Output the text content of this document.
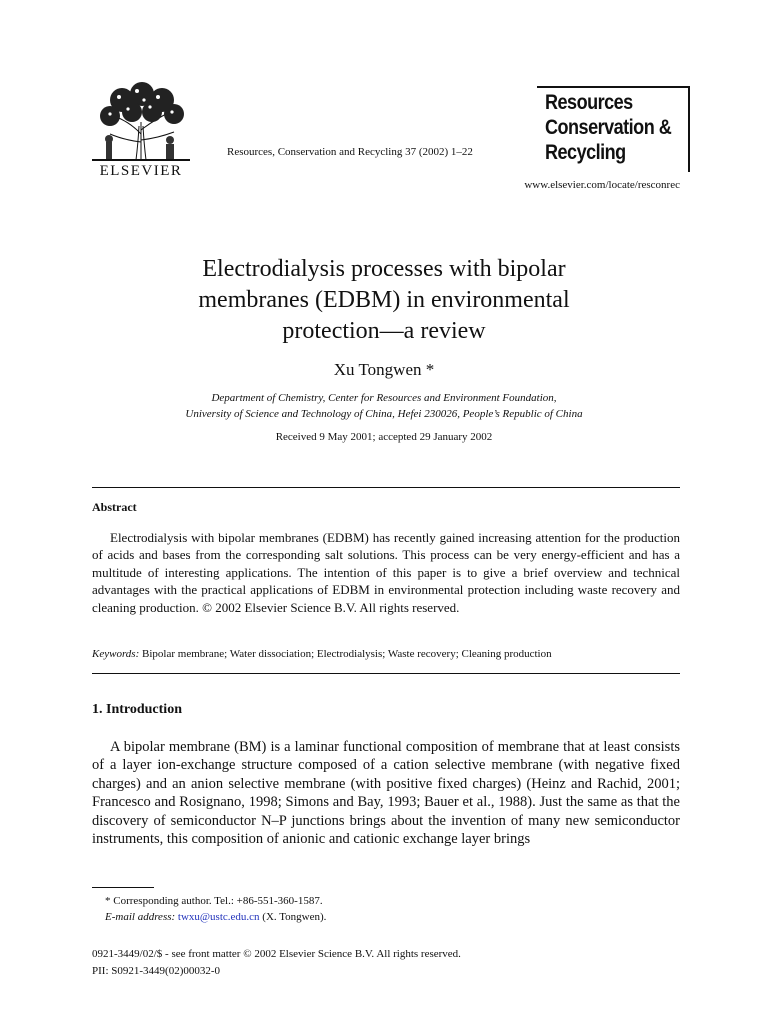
ELSEVIER
Resources, Conservation and Recycling 37 (2002) 1–22
Resources
Conservation &
Recycling
www.elsevier.com/locate/resconrec
Electrodialysis processes with bipolar
membranes (EDBM) in environmental
protection—a review
Xu Tongwen *
Department of Chemistry, Center for Resources and Environment Foundation,
University of Science and Technology of China, Hefei 230026, People’s Republic of China
Received 9 May 2001; accepted 29 January 2002
Abstract

Electrodialysis with bipolar membranes (EDBM) has recently gained increasing attention for the production of acids and bases from the corresponding salt solutions. This process can be very energy-efficient and has a multitude of interesting applications. The intention of this paper is to give a brief overview and technical advantages with the practical applications of EDBM in environmental protection including waste recovery and cleaning production. © 2002 Elsevier Science B.V. All rights reserved.

Keywords: Bipolar membrane; Water dissociation; Electrodialysis; Waste recovery; Cleaning production
1. Introduction

A bipolar membrane (BM) is a laminar functional composition of membrane that at least consists of a layer ion-exchange structure composed of a cation selective membrane (with negative fixed charges) and an anion selective membrane (with positive fixed charges) (Heinz and Rachid, 2001; Francesco and Rosignano, 1998; Simons and Bay, 1993; Bauer et al., 1988). Just the same as that the discovery of semiconductor N–P junctions brings about the invention of many new semiconductor instruments, this composition of anionic and cationic exchange layer brings

* Corresponding author. Tel.: +86-551-360-1587.
E-mail address: twxu@ustc.edu.cn (X. Tongwen).
0921-3449/02/$ - see front matter © 2002 Elsevier Science B.V. All rights reserved.
PII: S0921-3449(02)00032-0
